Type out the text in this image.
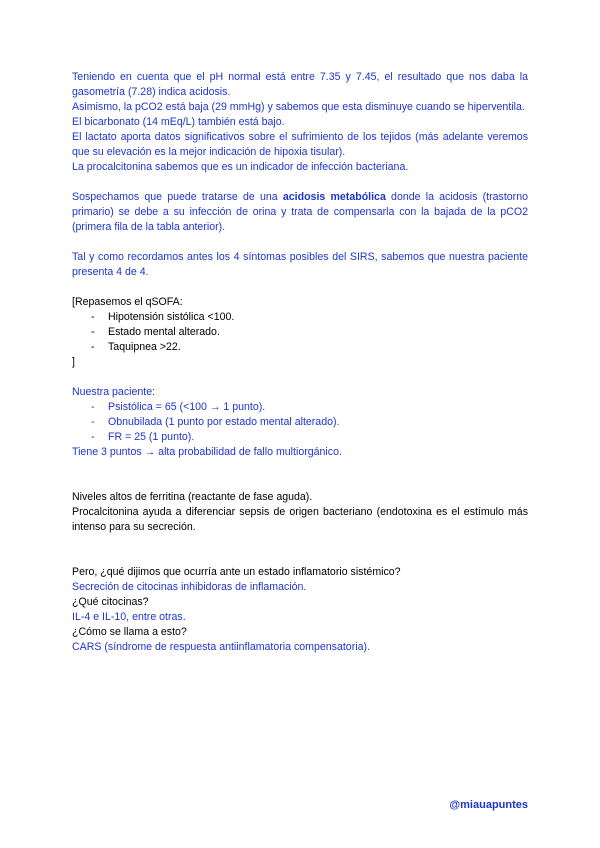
Teniendo en cuenta que el pH normal está entre 7.35 y 7.45, el resultado que nos daba la gasometría (7.28) indica acidosis.

Asimismo, la pCO2 está baja (29 mmHg) y sabemos que esta disminuye cuando se hiperventila.

El bicarbonato (14 mEq/L) también está bajo.

El lactato aporta datos significativos sobre el sufrimiento de los tejidos (más adelante veremos que su elevación es la mejor indicación de hipoxia tisular).

La procalcitonina sabemos que es un indicador de infección bacteriana.

Sospechamos que puede tratarse de una acidosis metabólica donde la acidosis (trastorno primario) se debe a su infección de orina y trata de compensarla con la bajada de la pCO2 (primera fila de la tabla anterior).

Tal y como recordamos antes los 4 síntomas posibles del SIRS, sabemos que nuestra paciente presenta 4 de 4.

[Repasemos el qSOFA:

- Hipotensión sistólica <100.
- Estado mental alterado.
- Taquipnea >22.

]

Nuestra paciente:

- Psistólica = 65 (<100 → 1 punto).
- Obnubilada (1 punto por estado mental alterado).
- FR = 25 (1 punto).

Tiene 3 puntos → alta probabilidad de fallo multiorgánico.

Niveles altos de ferritina (reactante de fase aguda).

Procalcitonina ayuda a diferenciar sepsis de origen bacteriano (endotoxina es el estímulo más intenso para su secreción.

Pero, ¿qué dijimos que ocurría ante un estado inflamatorio sistémico?

Secreción de citocinas inhibidoras de inflamación.

¿Qué citocinas?

IL-4 e IL-10, entre otras.

¿Cómo se llama a esto?

CARS (síndrome de respuesta antiinflamatoria compensatoria).

@miauapuntes
